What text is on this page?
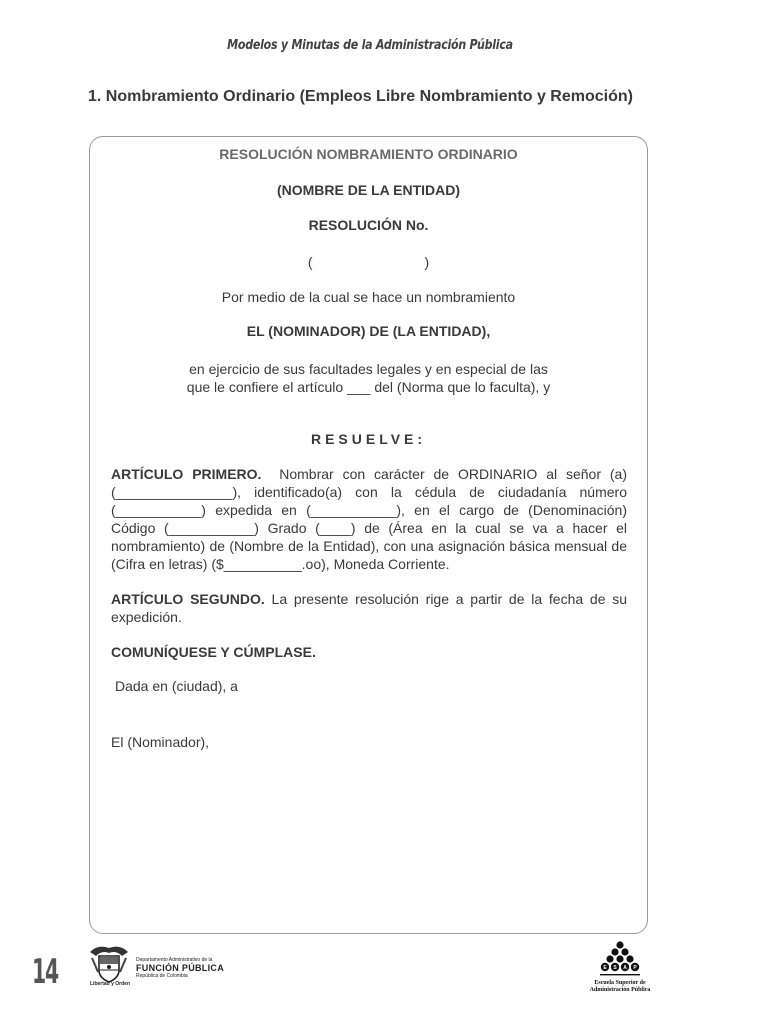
Modelos y Minutas de la Administración Pública
1. Nombramiento Ordinario (Empleos Libre Nombramiento y Remoción)
RESOLUCIÓN NOMBRAMIENTO ORDINARIO
(NOMBRE DE LA ENTIDAD)
RESOLUCIÓN No.
(	)
Por medio de la cual se hace un nombramiento
EL (NOMINADOR) DE (LA ENTIDAD),
en ejercicio de sus facultades legales y en especial de las
que le confiere el artículo ___ del (Norma que lo faculta), y
RESUELVE:
ARTÍCULO PRIMERO. Nombrar con carácter de ORDINARIO al señor (a) (_______________), identificado(a) con la cédula de ciudadanía número (___________) expedida en (___________), en el cargo de (Denominación) Código (___________) Grado (____) de (Área en la cual se va a hacer el nombramiento) de (Nombre de la Entidad), con una asignación básica mensual de (Cifra en letras) ($__________.oo), Moneda Corriente.
ARTÍCULO SEGUNDO. La presente resolución rige a partir de la fecha de su expedición.
COMUNÍQUESE Y CÚMPLASE.
Dada en (ciudad), a
El (Nominador),
14	Libertad y Orden
Departamento Administrativo de la
FUNCIÓN PÚBLICA
República de Colombia
E S A P
Escuela Superior de
Administración Pública
